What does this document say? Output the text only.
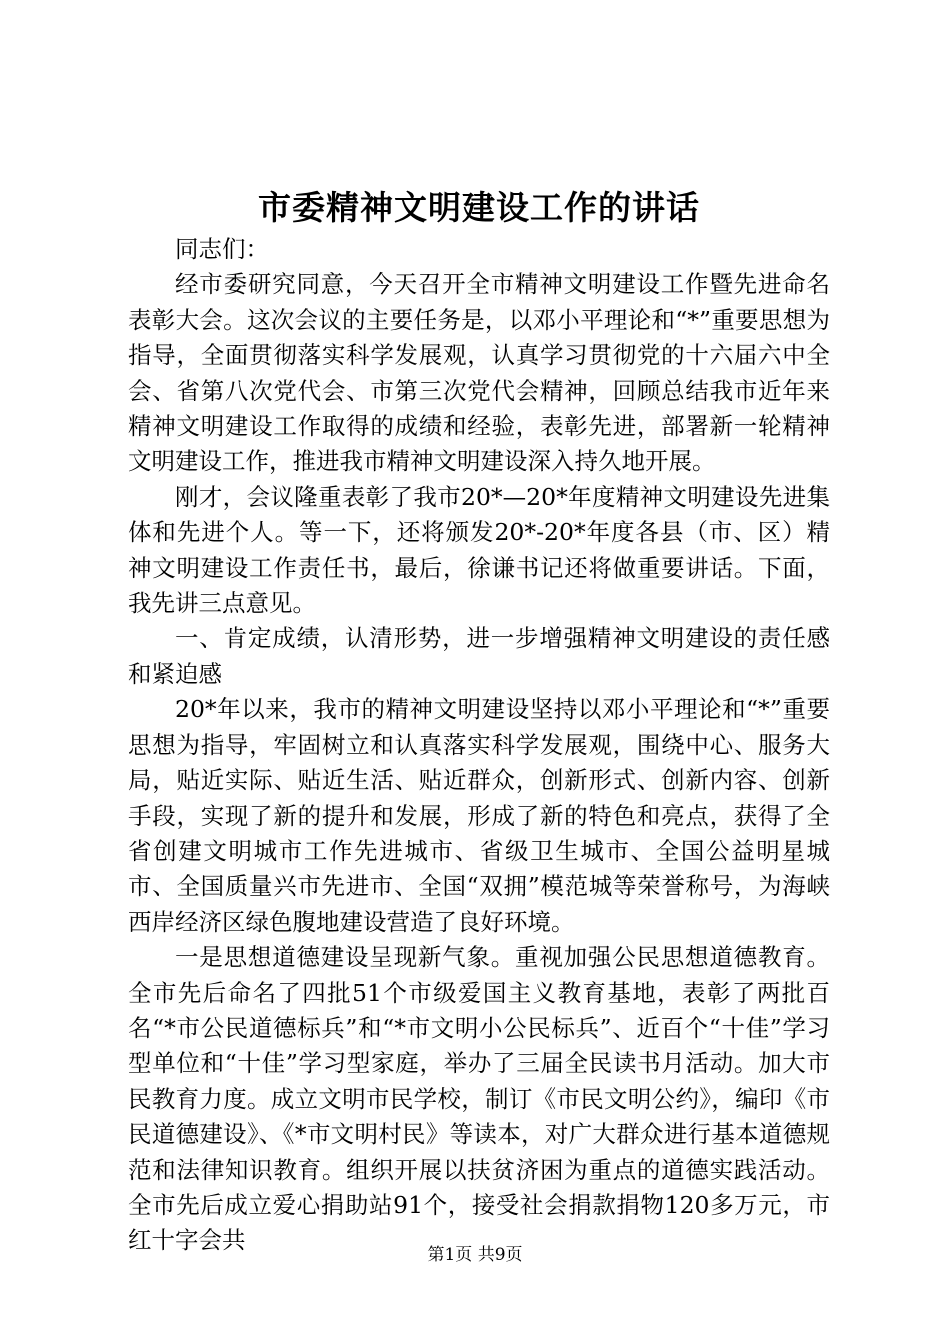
市委精神文明建设工作的讲话

同志们：

经市委研究同意，今天召开全市精神文明建设工作暨先进命名表彰大会。这次会议的主要任务是，以邓小平理论和“*”重要思想为指导，全面贯彻落实科学发展观，认真学习贯彻党的十六届六中全会、省第八次党代会、市第三次党代会精神，回顾总结我市近年来精神文明建设工作取得的成绩和经验，表彰先进，部署新一轮精神文明建设工作，推进我市精神文明建设深入持久地开展。

刚才，会议隆重表彰了我市20*—20*年度精神文明建设先进集体和先进个人。等一下，还将颁发20*-20*年度各县（市、区）精神文明建设工作责任书，最后，徐谦书记还将做重要讲话。下面，我先讲三点意见。

一、肯定成绩，认清形势，进一步增强精神文明建设的责任感和紧迫感

20*年以来，我市的精神文明建设坚持以邓小平理论和“*”重要思想为指导，牢固树立和认真落实科学发展观，围绕中心、服务大局，贴近实际、贴近生活、贴近群众，创新形式、创新内容、创新手段，实现了新的提升和发展，形成了新的特色和亮点，获得了全省创建文明城市工作先进城市、省级卫生城市、全国公益明星城市、全国质量兴市先进市、全国“双拥”模范城等荣誉称号，为海峡西岸经济区绿色腹地建设营造了良好环境。

一是思想道德建设呈现新气象。重视加强公民思想道德教育。全市先后命名了四批51个市级爱国主义教育基地，表彰了两批百名“*市公民道德标兵”和“*市文明小公民标兵”、近百个“十佳”学习型单位和“十佳”学习型家庭，举办了三届全民读书月活动。加大市民教育力度。成立文明市民学校，制订《市民文明公约》，编印《市民道德建设》、《*市文明村民》等读本，对广大群众进行基本道德规范和法律知识教育。组织开展以扶贫济困为重点的道德实践活动。全市先后成立爱心捐助站91个，接受社会捐款捐物120多万元，市红十字会共

第1页 共9页
